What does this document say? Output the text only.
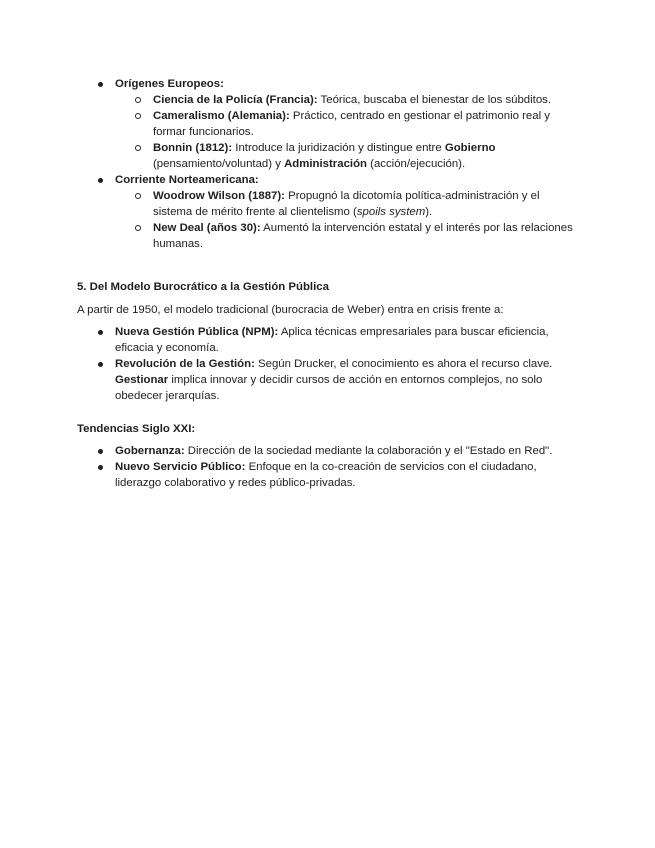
Orígenes Europeos:
Ciencia de la Policía (Francia): Teórica, buscaba el bienestar de los súbditos.
Cameralismo (Alemania): Práctico, centrado en gestionar el patrimonio real y formar funcionarios.
Bonnin (1812): Introduce la juridización y distingue entre Gobierno (pensamiento/voluntad) y Administración (acción/ejecución).
Corriente Norteamericana:
Woodrow Wilson (1887): Propugnó la dicotomía política-administración y el sistema de mérito frente al clientelismo (spoils system).
New Deal (años 30): Aumentó la intervención estatal y el interés por las relaciones humanas.
5. Del Modelo Burocrático a la Gestión Pública
A partir de 1950, el modelo tradicional (burocracia de Weber) entra en crisis frente a:
Nueva Gestión Pública (NPM): Aplica técnicas empresariales para buscar eficiencia, eficacia y economía.
Revolución de la Gestión: Según Drucker, el conocimiento es ahora el recurso clave. Gestionar implica innovar y decidir cursos de acción en entornos complejos, no solo obedecer jerarquías.
Tendencias Siglo XXI:
Gobernanza: Dirección de la sociedad mediante la colaboración y el "Estado en Red".
Nuevo Servicio Público: Enfoque en la co-creación de servicios con el ciudadano, liderazgo colaborativo y redes público-privadas.
